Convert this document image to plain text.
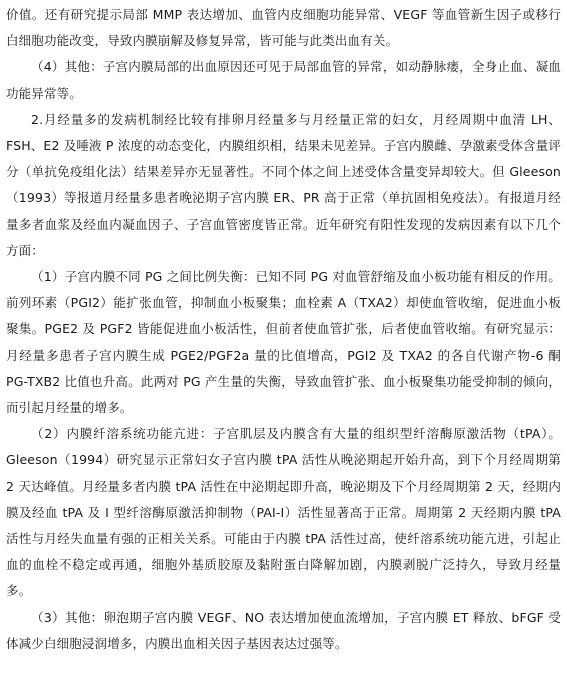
价值。还有研究提示局部 MMP 表达增加、血管内皮细胞功能异常、VEGF 等血管新生因子或移行白细胞功能改变，导致内膜崩解及修复异常，皆可能与此类出血有关。

（4）其他：子宫内膜局部的出血原因还可见于局部血管的异常，如动静脉瘘，全身止血、凝血功能异常等。

2.月经量多的发病机制经比较有排卵月经量多与月经量正常的妇女，月经周期中血清 LH、FSH、E2 及唾液 P 浓度的动态变化，内膜组织相，结果未见差异。子宫内膜雌、孕激素受体含量评分（单抗免疫组化法）结果差异亦无显著性。不同个体之间上述受体含量变异却较大。但 Gleeson（1993）等报道月经量多患者晚泌期子宫内膜 ER、PR 高于正常（单抗固相免疫法）。有报道月经量多者血浆及经血内凝血因子、子宫血管密度皆正常。近年研究有阳性发现的发病因素有以下几个方面：

（1）子宫内膜不同 PG 之间比例失衡：已知不同 PG 对血管舒缩及血小板功能有相反的作用。前列环素（PGI2）能扩张血管，抑制血小板聚集；血栓素 A（TXA2）却使血管收缩，促进血小板聚集。PGE2 及 PGF2 皆能促进血小板活性，但前者使血管扩张，后者使血管收缩。有研究显示：月经量多患者子宫内膜生成 PGE2/PGF2a 量的比值增高，PGI2 及 TXA2 的各自代谢产物-6 酮 PG-TXB2 比值也升高。此两对 PG 产生量的失衡，导致血管扩张、血小板聚集功能受抑制的倾向，而引起月经量的增多。

（2）内膜纤溶系统功能亢进：子宫肌层及内膜含有大量的组织型纤溶酶原激活物（tPA）。Gleeson（1994）研究显示正常妇女子宫内膜 tPA 活性从晚泌期起开始升高，到下个月经周期第 2 天达峰值。月经量多者内膜 tPA 活性在中泌期起即升高，晚泌期及下个月经周期第 2 天，经期内膜及经血 tPA 及 I 型纤溶酶原激活抑制物（PAI-I）活性显著高于正常。周期第 2 天经期内膜 tPA 活性与月经失血量有强的正相关关系。可能由于内膜 tPA 活性过高，使纤溶系统功能亢进，引起止血的血栓不稳定或再通，细胞外基质胶原及黏附蛋白降解加剧，内膜剥脱广泛持久，导致月经量多。

（3）其他：卵泡期子宫内膜 VEGF、NO 表达增加使血流增加，子宫内膜 ET 释放、bFGF 受体减少白细胞浸润增多，内膜出血相关因子基因表达过强等。
